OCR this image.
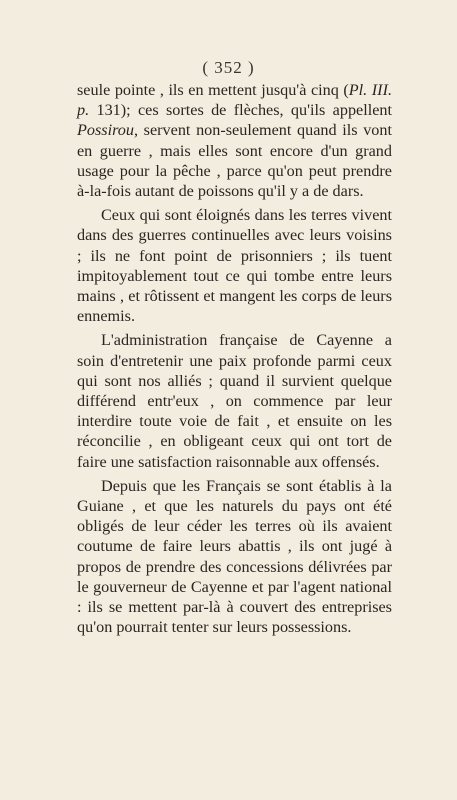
( 352 )

seule pointe , ils en mettent jusqu'à cinq (Pl. III. p. 131); ces sortes de flèches, qu'ils appellent Possirou, servent non-seulement quand ils vont en guerre , mais elles sont encore d'un grand usage pour la pêche , parce qu'on peut prendre à-la-fois autant de poissons qu'il y a de dars.

Ceux qui sont éloignés dans les terres vivent dans des guerres continuelles avec leurs voisins ; ils ne font point de prisonniers ; ils tuent impitoyablement tout ce qui tombe entre leurs mains , et rôtissent et mangent les corps de leurs ennemis.

L'administration française de Cayenne a soin d'entretenir une paix profonde parmi ceux qui sont nos alliés ; quand il survient quelque différend entr'eux , on commence par leur interdire toute voie de fait , et ensuite on les réconcilie , en obligeant ceux qui ont tort de faire une satisfaction raisonnable aux offensés.

Depuis que les Français se sont établis à la Guiane , et que les naturels du pays ont été obligés de leur céder les terres où ils avaient coutume de faire leurs abattis , ils ont jugé à propos de prendre des concessions délivrées par le gouverneur de Cayenne et par l'agent national : ils se mettent par-là à couvert des entreprises qu'on pourrait tenter sur leurs possessions.
